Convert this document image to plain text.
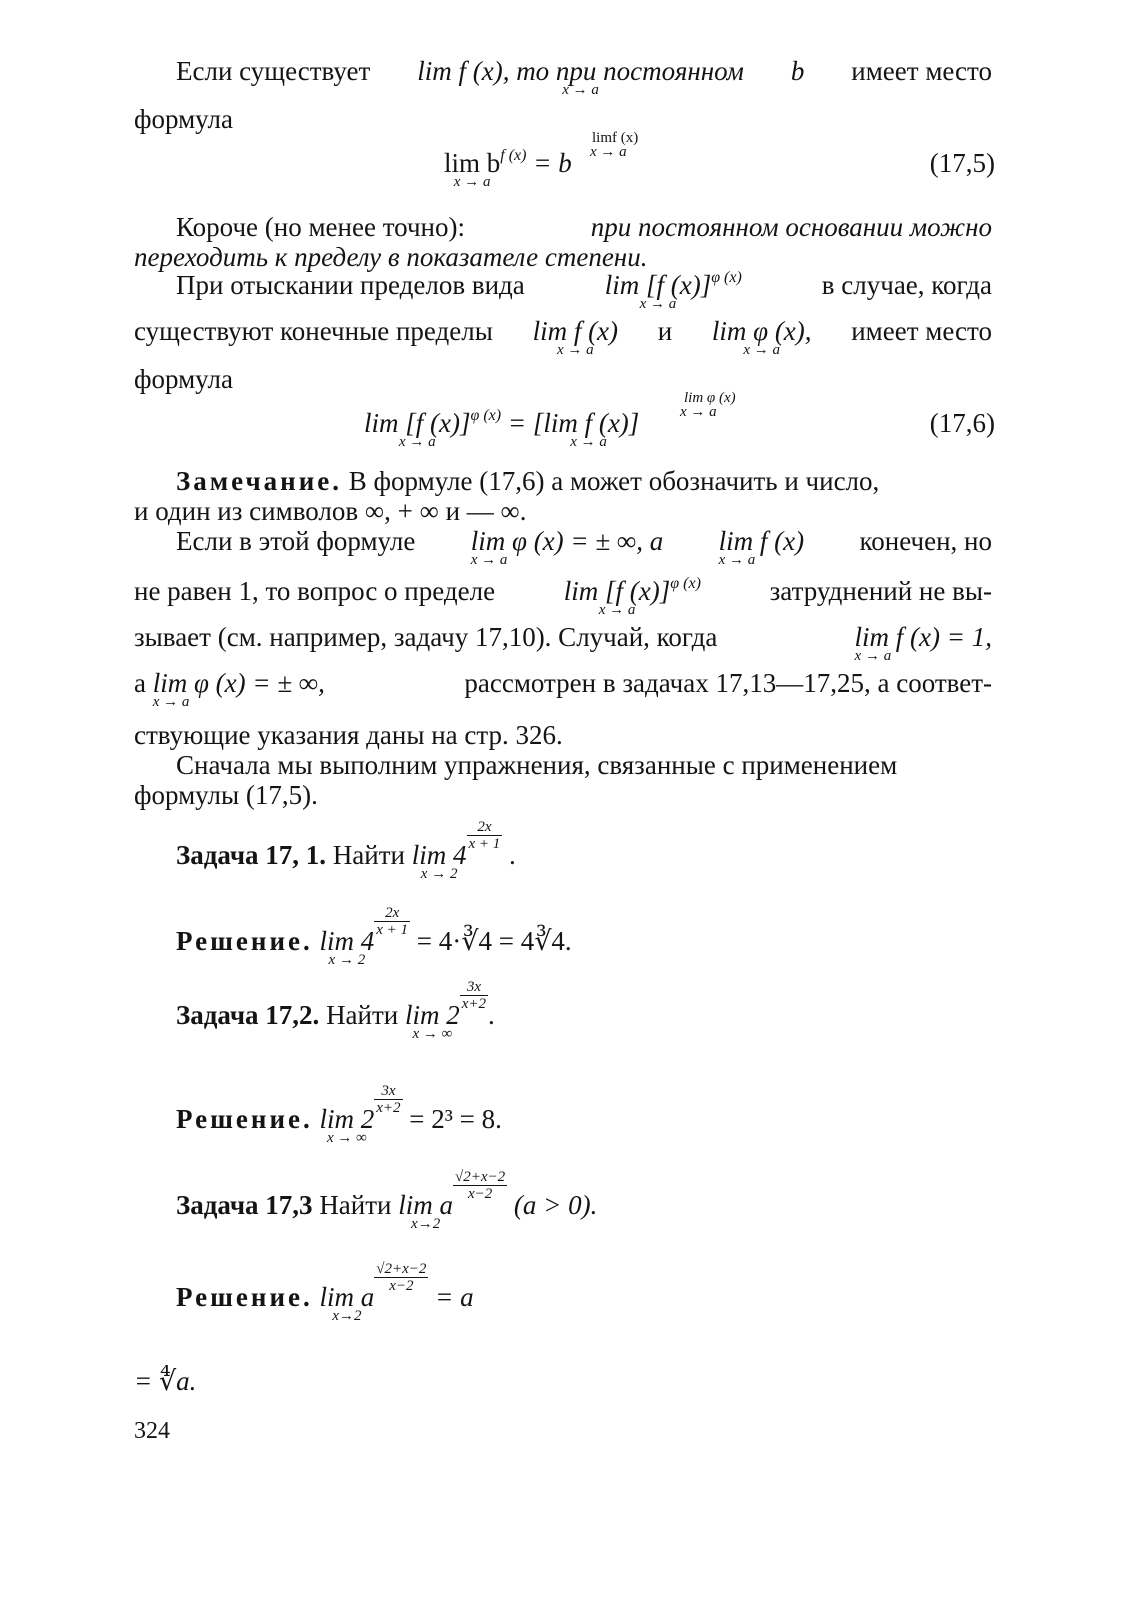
Если существует lim f (x), то при постоянном
x → a
b имеет место
формула
lim b
x → a
$^{f (x)}$ = b
limf (x)
x → a	(17,5)
Короче (но менее точно):	при постоянном основании можно
переходить к пределу в показателе степени.
При отыскании пределов вида	lim [f (x)]
x → a
$^{\varphi (x)}$	в случае, когда
существуют конечные пределы lim f (x)
x → a
и lim φ (x),
x → a
имеет место
формула
lim [f (x)]
x → a
$^{\varphi (x)}$ = [lim f (x)]
x → a
lim φ (x)
x → a	(17,6)
Замечание. В формуле (17,6) a может обозначить и число,
и один из символов ∞, + ∞ и — ∞.
Если в этой формуле lim φ (x) = ± ∞, а
x → a
lim f (x)
x → a
конечен, но
не равен 1, то вопрос о пределе	lim [f (x)]
x → a
$^{\varphi (x)}$	затруднений не вы-
зывает (см. например, задачу 17,10). Случай, когда	lim f (x) = 1,
x → a
а lim φ (x) = ± ∞,
x → a
рассмотрен в задачах 17,13—17,25, а соответ-
ствующие указания даны на стр. 326.
Сначала мы выполним упражнения, связанные с применением
формулы (17,5).
Задача 17, 1. Найти lim 4
x → 2
$\frac{2x}{x + 1}$
.
Решение. lim 4
x → 2
$\frac{2x}{x + 1}$
= 4·∛4 = 4∛4.
Задача 17,2. Найти lim 2
x → ∞
$\frac{3x}{x+2}$
.
Решение. lim 2
x → ∞
$\frac{3x}{x+2}$
= 2³ = 8.
Задача 17,3 Найти lim a
x→2
$\frac{√2+x-2}{x-2}$
(a > 0).
Решение. lim a
x→2
$\frac{√2+x-2}{x-2}$
= a
= ∜a.
324
